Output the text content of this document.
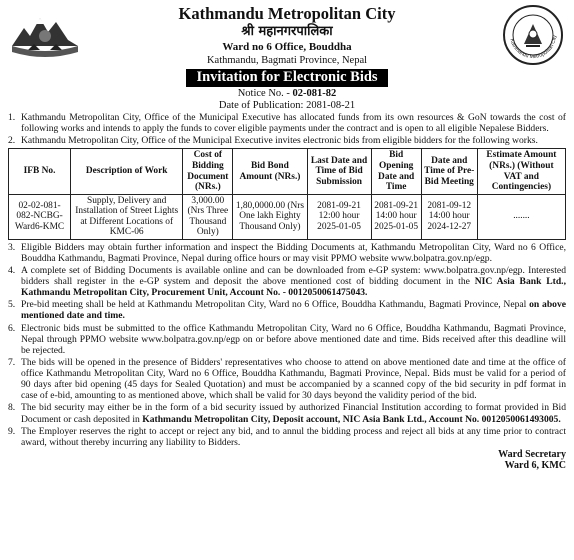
Kathmandu Metropolitan City
Kathmandu Metropolitan City
श्री महानगरपालिका
Ward no 6 Office, Bouddha
Kathmandu, Bagmati Province, Nepal
Invitation for Electronic Bids
Notice No. - 02-081-82
Date of Publication: 2081-08-21
1. Kathmandu Metropolitan City, Office of the Municipal Executive has allocated funds from its own resources & GoN towards the cost of following works and intends to apply the funds to cover eligible payments under the contract and is open to all eligible Nepalese Bidders.
2. Kathmandu Metropolitan City, Office of the Municipal Executive invites electronic bids from eligible bidders for the following works.
IFB No.	Description of Work	Cost of Bidding Document (NRs.)	Bid Bond Amount (NRs.)	Last Date and Time of Bid Submission	Bid Opening Date and Time	Date and Time of Pre-Bid Meeting	Estimate Amount (NRs.) (Without VAT and Contingencies)
02-02-081-082-NCBG-Ward6-KMC	Supply, Delivery and Installation of Street Lights at Different Locations of KMC-06	3,000.00 (Nrs Three Thousand Only)	1,80,0000.00 (Nrs One lakh Eighty Thousand Only)	2081-09-21 12:00 hour 2025-01-05	2081-09-21 14:00 hour 2025-01-05	2081-09-12 14:00 hour 2024-12-27	.......
3. Eligible Bidders may obtain further information and inspect the Bidding Documents at, Kathmandu Metropolitan City, Ward no 6 Office, Bouddha Kathmandu, Bagmati Province, Nepal during office hours or may visit PPMO website www.bolpatra.gov.np/egp.
4. A complete set of Bidding Documents is available online and can be downloaded from e-GP system: www.bolpatra.gov.np/egp. Interested bidders shall register in the e-GP system and deposit the above mentioned cost of bidding document in the NIC Asia Bank Ltd., Kathmandu Metropolitan City, Procurement Unit, Account No. - 0012050061475043.
5. Pre-bid meeting shall be held at Kathmandu Metropolitan City, Ward no 6 Office, Bouddha Kathmandu, Bagmati Province, Nepal on above mentioned date and time.
6. Electronic bids must be submitted to the office Kathmandu Metropolitan City, Ward no 6 Office, Bouddha Kathmandu, Bagmati Province, Nepal through PPMO website www.bolpatra.gov.np/egp on or before above mentioned date and time. Bids received after this deadline will be rejected.
7. The bids will be opened in the presence of Bidders' representatives who choose to attend on above mentioned date and time at the office of office Kathmandu Metropolitan City, Ward no 6 Office, Bouddha Kathmandu, Bagmati Province, Nepal. Bids must be valid for a period of 90 days after bid opening (45 days for Sealed Quotation) and must be accompanied by a scanned copy of the bid security in pdf format in case of e-bid, amounting to as mentioned above, which shall be valid for 30 days beyond the validity period of the bid.
8. The bid security may either be in the form of a bid security issued by authorized Financial Institution according to format provided in Bid Document or cash deposited in Kathmandu Metropolitan City, Deposit account, NIC Asia Bank Ltd., Account No. 0012050061493005.
9. The Employer reserves the right to accept or reject any bid, and to annul the bidding process and reject all bids at any time prior to contract award, without thereby incurring any liability to Bidders.
Ward Secretary
Ward 6, KMC
